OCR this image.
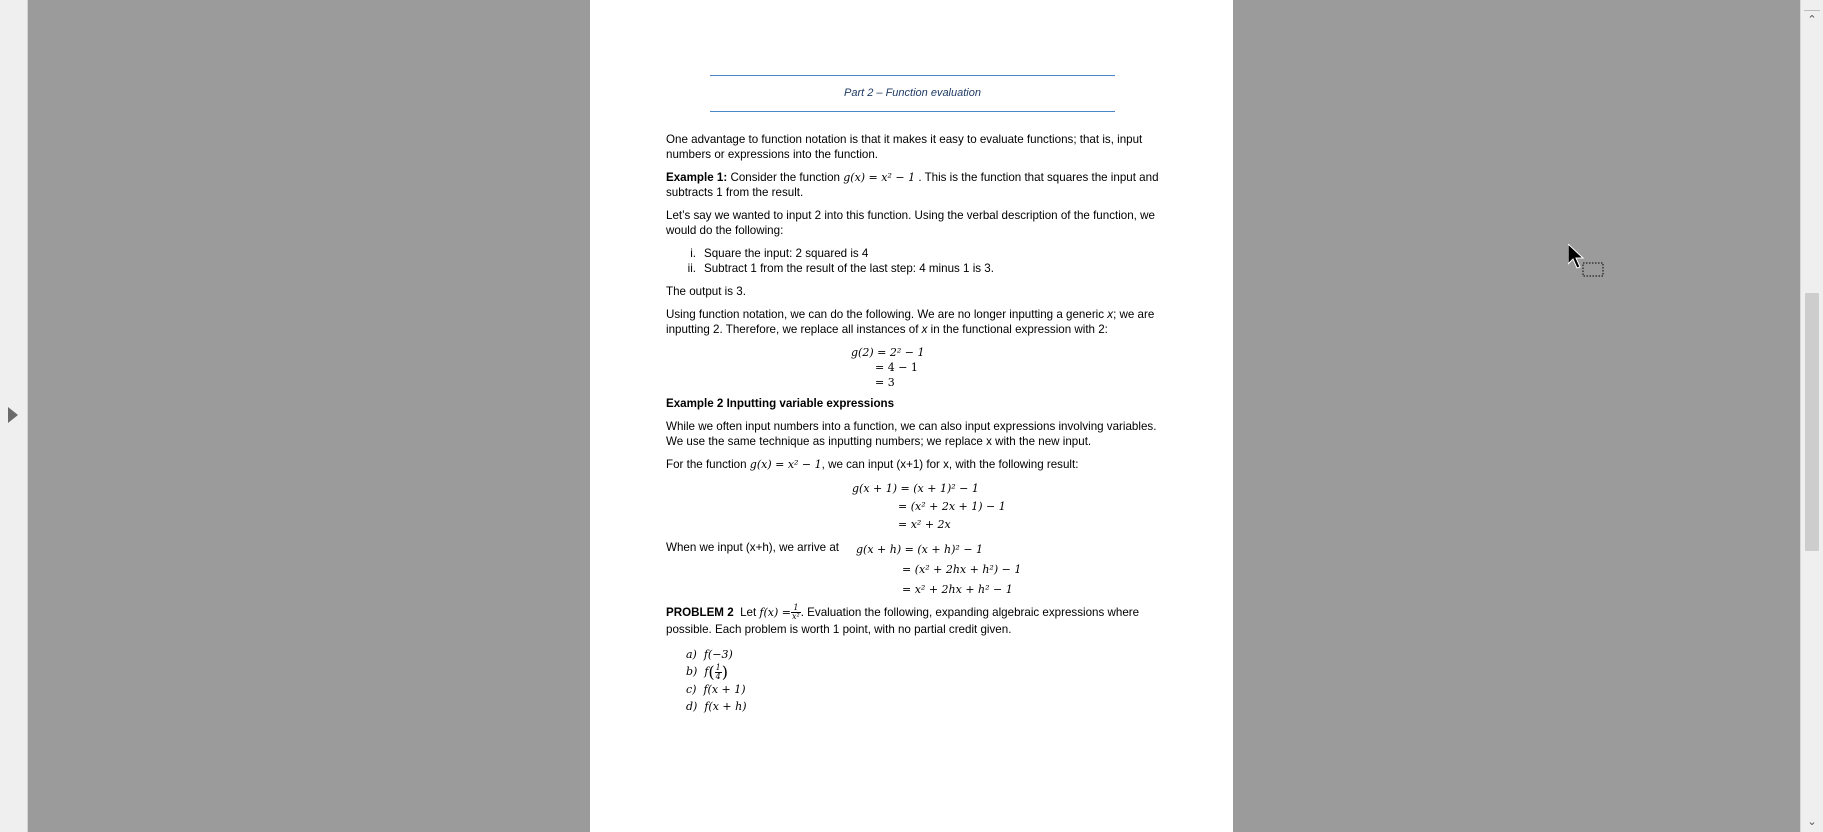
Part 2 – Function evaluation

One advantage to function notation is that it makes it easy to evaluate functions; that is, input numbers or expressions into the function.

Example 1: Consider the function g(x) = x² − 1 . This is the function that squares the input and subtracts 1 from the result.

Let’s say we wanted to input 2 into this function. Using the verbal description of the function, we would do the following:

i. Square the input: 2 squared is 4
ii. Subtract 1 from the result of the last step: 4 minus 1 is 3.

The output is 3.

Using function notation, we can do the following. We are no longer inputting a generic x; we are inputting 2. Therefore, we replace all instances of x in the functional expression with 2:

g(2) = 2² − 1
= 4 − 1
= 3

Example 2 Inputting variable expressions

While we often input numbers into a function, we can also input expressions involving variables. We use the same technique as inputting numbers; we replace x with the new input.

For the function g(x) = x² − 1, we can input (x+1) for x, with the following result:

g(x + 1) = (x + 1)² − 1
= (x² + 2x + 1) − 1
= x² + 2x
When we input (x+h), we arrive at g(x + h) = (x + h)² − 1
= (x² + 2hx + h²) − 1
= x² + 2hx + h² − 1

PROBLEM 2  Let $f(x) = \frac{1}{\text{x²}}$ . Evaluation the following, expanding algebraic expressions where possible. Each problem is worth 1 point, with no partial credit given.

a) f(−3)
b) $f( \frac{1}{4}$ )
c) f(x + 1)
d) f(x + h)
⌃
⌄
